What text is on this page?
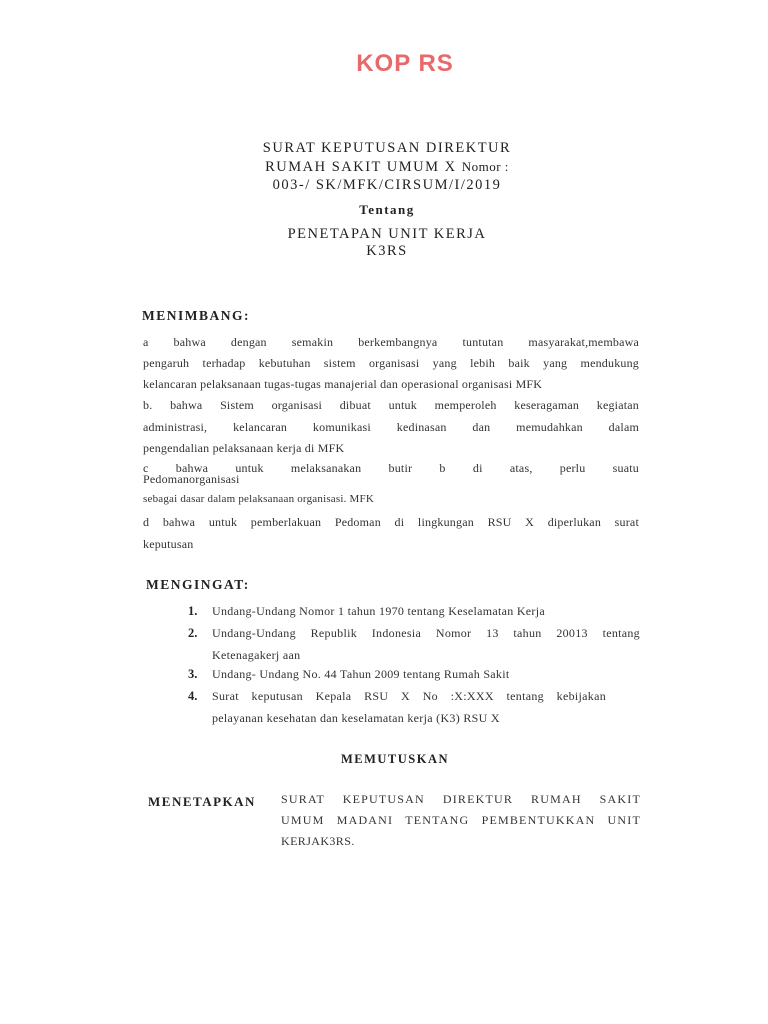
KOP RS
SURAT KEPUTUSAN DIREKTUR
RUMAH SAKIT UMUM X Nomor :
003-/ SK/MFK/CIRSUM/I/2019
Tentang
PENETAPAN UNIT KERJA
K3RS
MENIMBANG:
a bahwa dengan semakin berkembangnya tuntutan masyarakat,membawa
pengaruh terhadap kebutuhan sistem organisasi yang lebih baik yang mendukung
kelancaran pelaksanaan tugas-tugas manajerial dan operasional organisasi MFK
b. bahwa Sistem organisasi dibuat untuk memperoleh keseragaman kegiatan
administrasi, kelancaran komunikasi kedinasan dan memudahkan dalam
pengendalian pelaksanaan kerja di MFK
c bahwa untuk melaksanakan butir b di atas, perlu suatu
Pedomanorganisasi
sebagai dasar dalam pelaksanaan organisasi. MFK
d bahwa untuk pemberlakuan Pedoman di lingkungan RSU X diperlukan surat
keputusan
MENGINGAT:
1. Undang-Undang Nomor 1 tahun 1970 tentang Keselamatan Kerja
2. Undang-Undang Republik Indonesia Nomor 13 tahun 20013 tentang
Ketenagakerj aan
3. Undang- Undang No. 44 Tahun 2009 tentang Rumah Sakit
4. Surat keputusan Kepala RSU X No :X:XXX tentang kebijakan
pelayanan kesehatan dan keselamatan kerja (K3) RSU X
MEMUTUSKAN
MENETAPKAN SURAT KEPUTUSAN DIREKTUR RUMAH SAKIT
UMUM MADANI TENTANG PEMBENTUKKAN UNIT
KERJAK3RS.
